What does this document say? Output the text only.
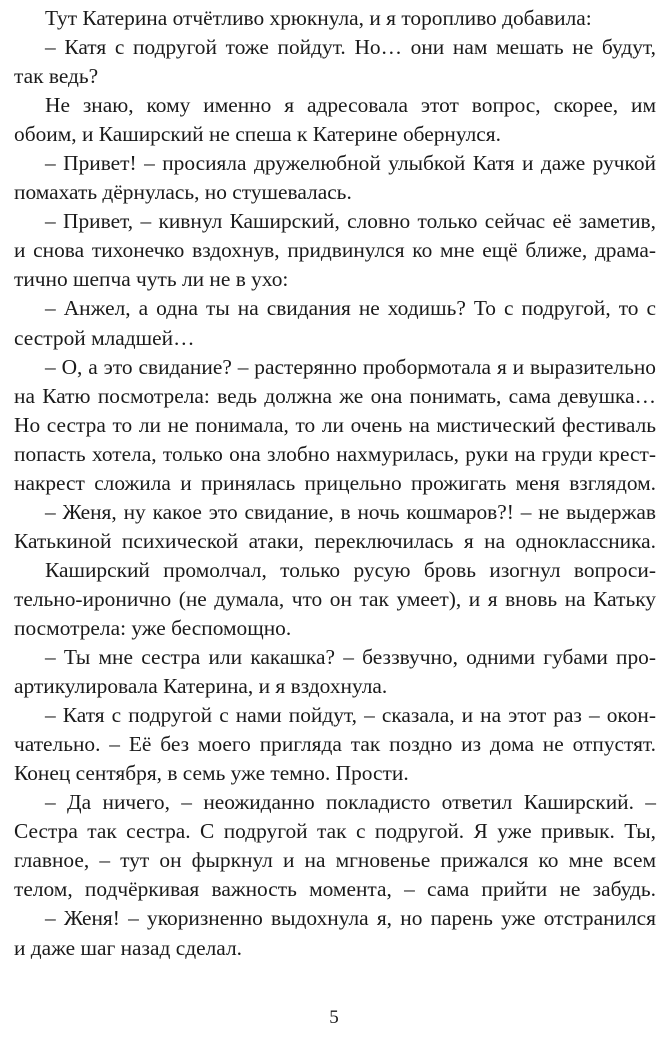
Тут Катерина отчётливо хрюкнула, и я торопливо добавила:
– Катя с подругой тоже пойдут. Но… они нам мешать не будут,
так ведь?
Не знаю, кому именно я адресовала этот вопрос, скорее, им
обоим, и Каширский не спеша к Катерине обернулся.
– Привет! – просияла дружелюбной улыбкой Катя и даже ручкой
помахать дёрнулась, но стушевалась.
– Привет, – кивнул Каширский, словно только сейчас её заметив,
и снова тихонечко вздохнув, придвинулся ко мне ещё ближе, драма-
тично шепча чуть ли не в ухо:
– Анжел, а одна ты на свидания не ходишь? То с подругой, то с
сестрой младшей…
– О, а это свидание? – растерянно пробормотала я и выразительно
на Катю посмотрела: ведь должна же она понимать, сама девушка…
Но сестра то ли не понимала, то ли очень на мистический фестиваль
попасть хотела, только она злобно нахмурилась, руки на груди крест-
накрест сложила и принялась прицельно прожигать меня взглядом.
– Женя, ну какое это свидание, в ночь кошмаров?! – не выдержав
Катькиной психической атаки, переключилась я на одноклассника.
Каширский промолчал, только русую бровь изогнул вопроси-
тельно-иронично (не думала, что он так умеет), и я вновь на Катьку
посмотрела: уже беспомощно.
– Ты мне сестра или какашка? – беззвучно, одними губами про-
артикулировала Катерина, и я вздохнула.
– Катя с подругой с нами пойдут, – сказала, и на этот раз – окон-
чательно. – Её без моего пригляда так поздно из дома не отпустят.
Конец сентября, в семь уже темно. Прости.
– Да ничего, – неожиданно покладисто ответил Каширский. –
Сестра так сестра. С подругой так с подругой. Я уже привык. Ты,
главное, – тут он фыркнул и на мгновенье прижался ко мне всем
телом, подчёркивая важность момента, – сама прийти не забудь.
– Женя! – укоризненно выдохнула я, но парень уже отстранился
и даже шаг назад сделал.
5
